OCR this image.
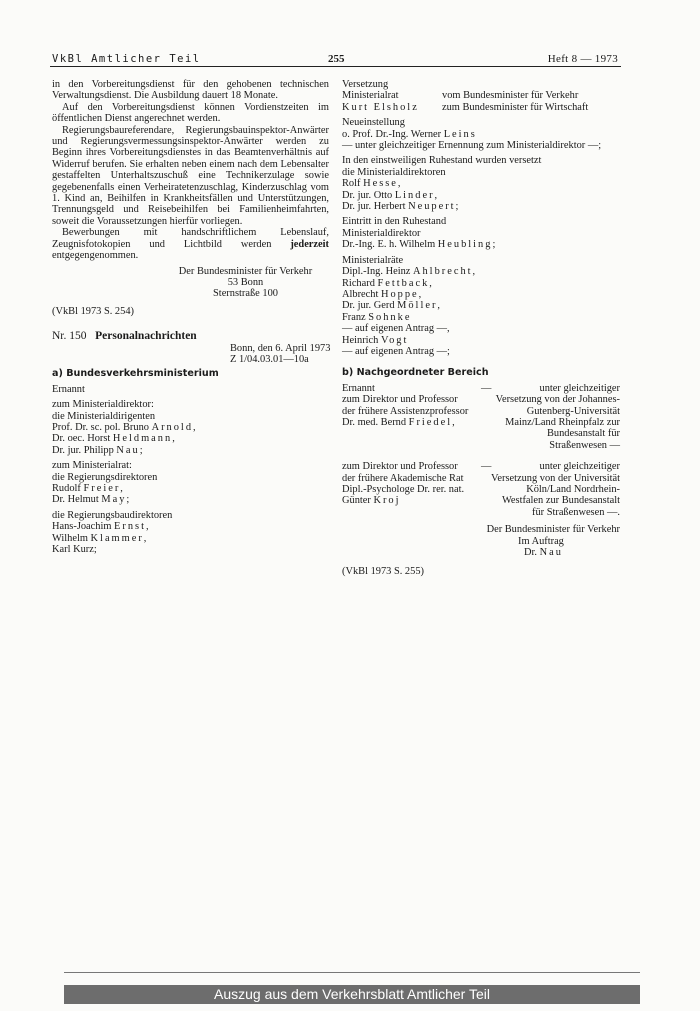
VkBl Amtlicher Teil	255	Heft 8 — 1973

in den Vorbereitungsdienst für den gehobenen technischen Verwaltungsdienst. Die Ausbildung dauert 18 Monate.

Auf den Vorbereitungsdienst können Vordienstzeiten im öffentlichen Dienst angerechnet werden.

Regierungsbaureferendare, Regierungsbauinspektor-Anwärter und Regierungsvermessungsinspektor-Anwärter werden zu Beginn ihres Vorbereitungsdienstes in das Beamtenverhältnis auf Widerruf berufen. Sie erhalten neben einem nach dem Lebensalter gestaffelten Unterhaltszuschuß eine Technikerzulage sowie gegebenenfalls einen Verheiratetenzuschlag, Kinderzuschlag vom 1. Kind an, Beihilfen in Krankheitsfällen und Unterstützungen, Trennungsgeld und Reisebeihilfen bei Familienheimfahrten, soweit die Voraussetzungen hierfür vorliegen.

Bewerbungen mit handschriftlichem Lebenslauf, Zeugnisfotokopien und Lichtbild werden jederzeit entgegengenommen.

Der Bundesminister für Verkehr
53 Bonn
Sternstraße 100
(VkBl 1973 S. 254)
Nr. 150 Personalnachrichten
Bonn, den 6. April 1973
Z 1/04.03.01—10a
a) Bundesverkehrsministerium
Ernannt
zum Ministerialdirektor:
die Ministerialdirigenten
Prof. Dr. sc. pol. Bruno Arnold,
Dr. oec. Horst Heldmann,
Dr. jur. Philipp Nau;
zum Ministerialrat:
die Regierungsdirektoren
Rudolf Freier,
Dr. Helmut May;
die Regierungsbaudirektoren
Hans-Joachim Ernst,
Wilhelm Klammer,
Karl Kurz;
Versetzung
Ministerialrat	vom Bundesminister für Verkehr
Kurt Elsholz	zum Bundesminister für Wirtschaft
Neueinstellung
o. Prof. Dr.-Ing. Werner Leins

— unter gleichzeitiger Ernennung zum Ministerialdirektor —;

In den einstweiligen Ruhestand wurden versetzt
die Ministerialdirektoren
Rolf Hesse,
Dr. jur. Otto Linder,
Dr. jur. Herbert Neupert;
Eintritt in den Ruhestand
Ministerialdirektor
Dr.-Ing. E. h. Wilhelm Heubling;
Ministerialräte
Dipl.-Ing. Heinz Ahlbrecht,
Richard Fettback,
Albrecht Hoppe,
Dr. jur. Gerd Möller,
Franz Sohnke
— auf eigenen Antrag —,
Heinrich Vogt
— auf eigenen Antrag —;
b) Nachgeordneter Bereich
Ernannt
zum Direktor und Professor
der frühere Assistenzprofessor
Dr. med. Bernd Friedel,
—	unter gleichzeitiger Versetzung von der Johannes-Gutenberg-Universität Mainz/Land Rheinpfalz zur Bundesanstalt für Straßenwesen —
zum Direktor und Professor
der frühere Akademische Rat
Dipl.-Psychologe Dr. rer. nat.
Günter Kroj
—	unter gleichzeitiger Versetzung von der Universität Köln/Land Nordrhein-Westfalen zur Bundesanstalt für Straßenwesen —.
Der Bundesminister für Verkehr
Im Auftrag
Dr. Nau
(VkBl 1973 S. 255)
Auszug aus dem Verkehrsblatt Amtlicher Teil
